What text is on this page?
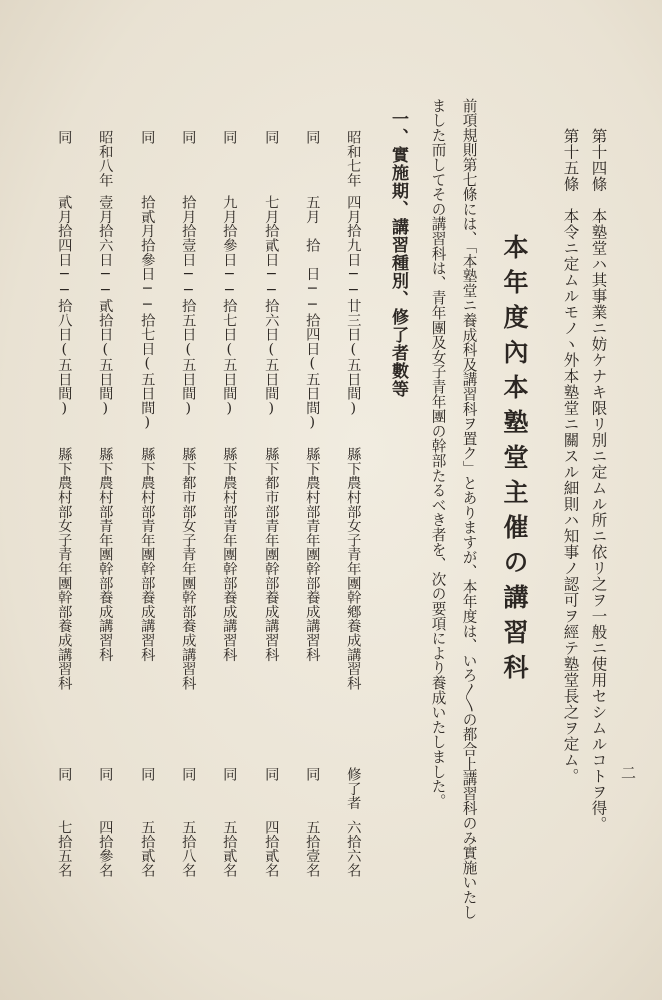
二
第十四條　本塾堂ハ其事業ニ妨ケナキ限リ別ニ定ムル所ニ依リ之ヲ一般ニ使用セシムルコトヲ得。
第十五條　本令ニ定ムルモノヽ外本塾堂ニ關スル細則ハ知事ノ認可ヲ經テ塾堂長之ヲ定ム。
本年度內本塾堂主催の講習科
前項規則第七條には、「本塾堂ニ養成科及講習科ヲ置ク」とありますが、本年度は、いろ〳〵の都合上講習科のみ實施いたし
ました而してその講習科は、青年團及女子青年團の幹部たるべき者を、次の要項により養成いたしました。
一、實施期、講習種別、修了者數等
昭和七年
四月拾九日──廿三日(五日間)
縣下農村部女子青年團幹鄕養成講習科
修了者
六拾六名
同
五月　拾　日──拾四日(五日間)
縣下農村部青年團幹部養成講習科
同
五拾壹名
同
七月拾貳日──拾六日(五日間)
縣下都市部青年團幹部養成講習科
同
四拾貳名
同
九月拾參日──拾七日(五日間)
縣下農村部青年團幹部養成講習科
同
五拾貳名
同
拾月拾壹日──拾五日(五日間)
縣下都市部女子青年團幹部養成講習科
同
五拾八名
同
拾貳月拾參日──拾七日(五日間)
縣下農村部青年團幹部養成講習科
同
五拾貳名
昭和八年
壹月拾六日──貳拾日(五日間)
縣下農村部青年團幹部養成講習科
同
四拾參名
同
貳月拾四日──拾八日(五日間)
縣下農村部女子青年團幹部養成講習科
同
七拾五名
